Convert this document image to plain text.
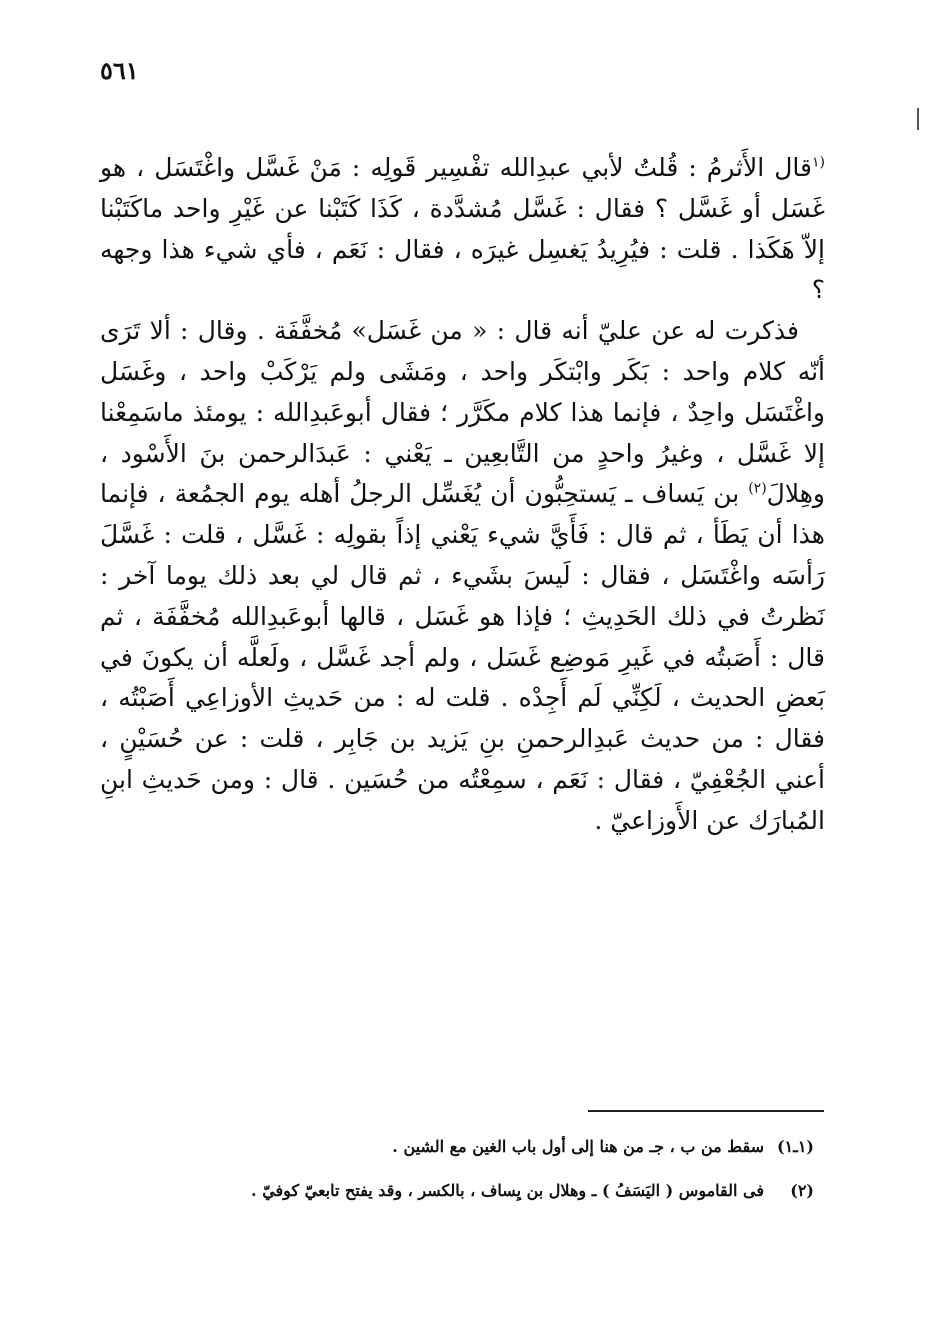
٥٦١

$^{(١}$قال الأَثرمُ : قُلتُ لأبي عبدِالله تفْسِير قَولِه : مَنْ غَسَّل واغْتَسَل ، هو غَسَل أو غَسَّل ؟ فقال : غَسَّل مُشدَّدة ، كَذَا كَتَبْنا عن غَيْرِ واحد ماكَتَبْنا إلاّ هَكَذا . قلت : فيُرِيدُ يَغسِل غيرَه ، فقال : نَعَم ، فأي شيء هذا وجهه ؟

فذكرت له عن عليّ أنه قال : « من غَسَل» مُخفَّفَة . وقال : ألا تَرَى أنّه كلام واحد : بَكَر وابْتكَر واحد ، ومَشَى ولم يَرْكَبْ واحد ، وغَسَل واغْتَسَل واحِدٌ ، فإنما هذا كلام مكَرَّر ؛ فقال أبوعَبدِالله : يومئذ ماسَمِعْنا إلا غَسَّل ، وغيرُ واحدٍ من التَّابعِين ـ يَعْني : عَبدَالرحمن بنَ الأَسْود ، وهِلالَ$^{(٢)}$ بن يَساف ـ يَستحِبُّون أن يُغَسِّل الرجلُ أهله يوم الجمُعة ، فإنما هذا أن يَطَأ ، ثم قال : فَأَيَّ شيء يَعْني إذاً بقولِه : غَسَّل ، قلت : غَسَّلَ رَأسَه واغْتَسَل ، فقال : لَيسَ بشَيء ، ثم قال لي بعد ذلك يوما آخر : نَظرتُ في ذلك الحَدِيثِ ؛ فإذا هو غَسَل ، قالها أبوعَبدِالله مُخفَّفَة ، ثم قال : أَصَبتُه في غَيرِ مَوضِع غَسَل ، ولم أجد غَسَّل ، ولَعلَّه أن يكونَ في بَعضِ الحديث ، لَكِنِّي لَم أَجِدْه . قلت له : من حَديثِ الأوزاعِي أَصَبْتُه ، فقال : من حديث عَبدِالرحمنِ بنِ يَزيد بن جَابِر ، قلت : عن حُسَيْنٍ ، أعني الجُعْفِيّ ، فقال : نَعَم ، سمِعْتُه من حُسَين . قال : ومن حَديثِ ابنِ المُبارَك عن الأَوزاعيّ .

(١ـ١)
سقط من ب ، جـ من هنا إلى أول باب الغين مع الشين .
(٢)
فى القاموس ( اليَسَفُ ) ـ وهلال بن يِساف ، بالكسر ، وقد يفتح تابعيّ كوفيّ .
